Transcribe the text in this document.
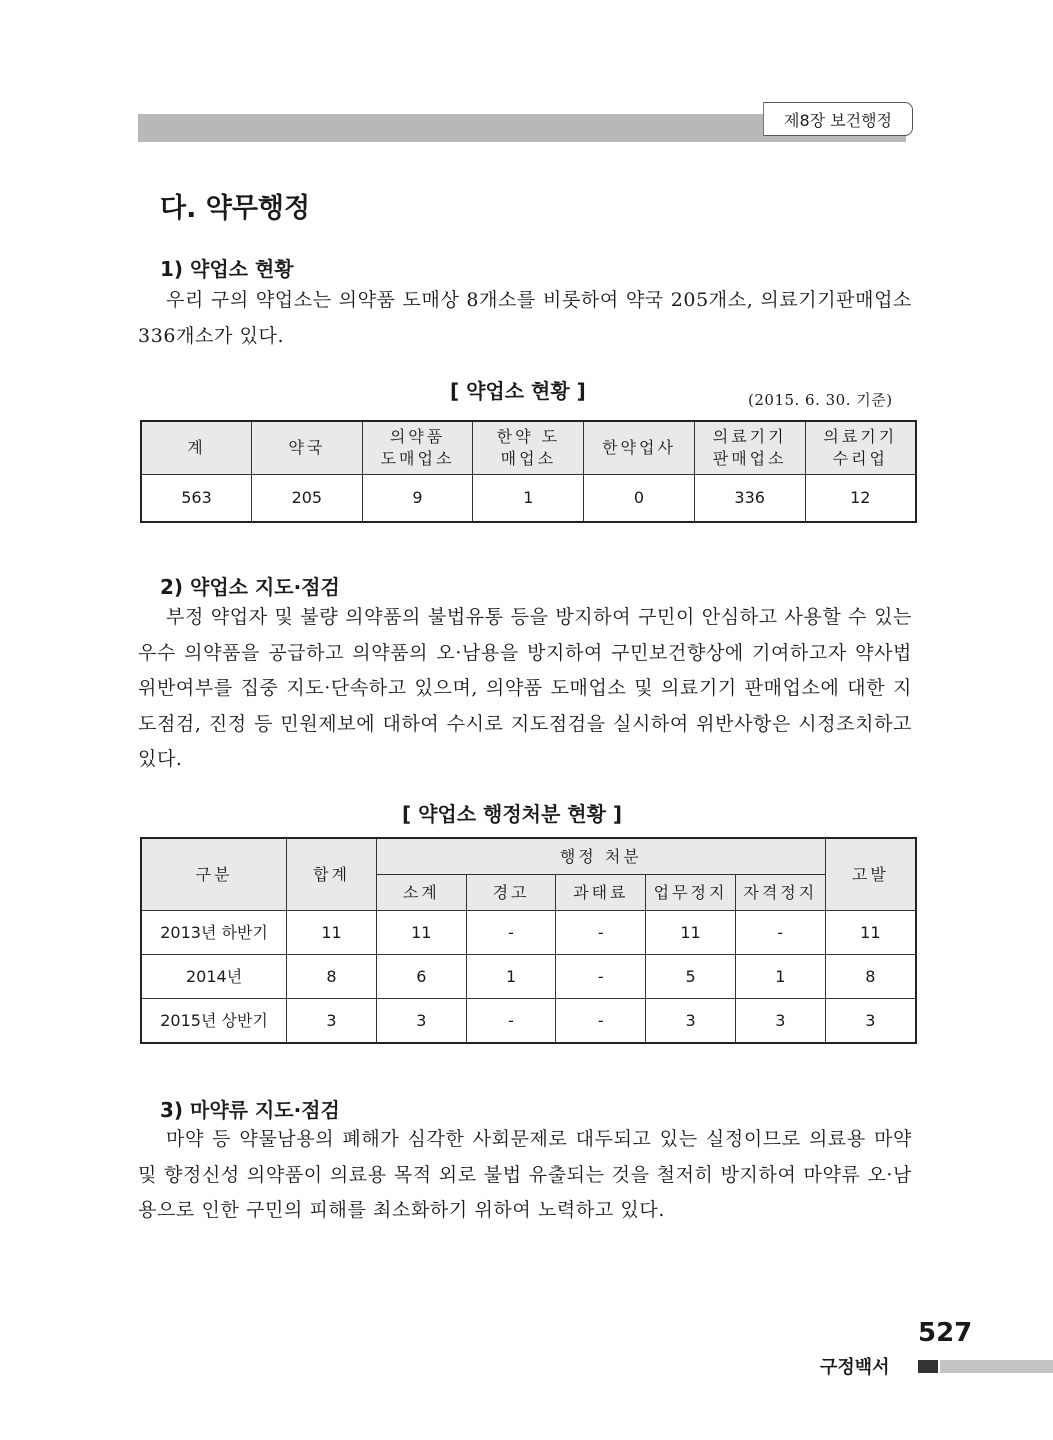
제8장 보건행정
다. 약무행정
1) 약업소 현황
우리 구의 약업소는 의약품 도매상 8개소를 비롯하여 약국 205개소, 의료기기판매업소 336개소가 있다.
[ 약업소 현황 ]	(2015. 6. 30. 기준)
계	약국	의약품 도매업소	한약 도매업소	한약업사	의료기기 판매업소	의료기기 수리업
563	205	9	1	0	336	12
2) 약업소 지도·점검
부정 약업자 및 불량 의약품의 불법유통 등을 방지하여 구민이 안심하고 사용할 수 있는 우수 의약품을 공급하고 의약품의 오·남용을 방지하여 구민보건향상에 기여하고자 약사법 위반여부를 집중 지도·단속하고 있으며, 의약품 도매업소 및 의료기기 판매업소에 대한 지도점검, 진정 등 민원제보에 대하여 수시로 지도점검을 실시하여 위반사항은 시정조치하고 있다.
[ 약업소 행정처분 현황 ]
구분	합계	행정 처분					고발
		소계	경고	과태료	업무정지	자격정지	
2013년 하반기	11	11	-	-	11	-	11
2014년	8	6	1	-	5	1	8
2015년 상반기	3	3	-	-	3	3	3
3) 마약류 지도·점검
마약 등 약물남용의 폐해가 심각한 사회문제로 대두되고 있는 실정이므로 의료용 마약 및 향정신성 의약품이 의료용 목적 외로 불법 유출되는 것을 철저히 방지하여 마약류 오·남용으로 인한 구민의 피해를 최소화하기 위하여 노력하고 있다.
527
구정백서
